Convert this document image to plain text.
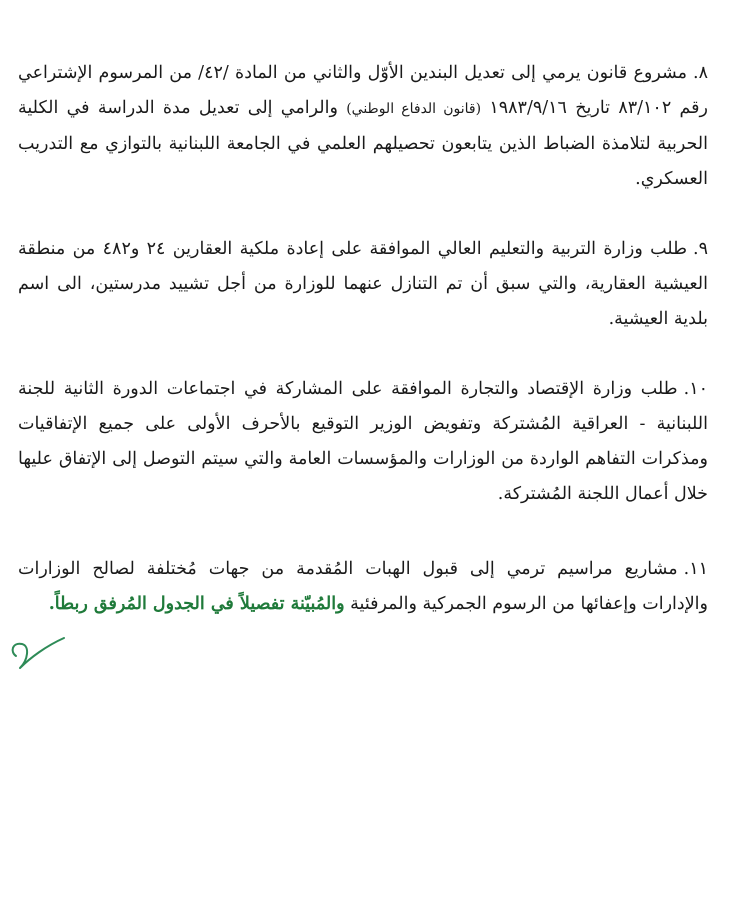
٨.مشروع قانون يرمي إلى تعديل البندين الأوّل والثاني من المادة /٤٢/ من المرسوم الإشتراعي رقم ٨٣/١٠٢ تاريخ ١٩٨٣/٩/١٦ (قانون الدفاع الوطني) والرامي إلى تعديل مدة الدراسة في الكلية الحربية لتلامذة الضباط الذين يتابعون تحصيلهم العلمي في الجامعة اللبنانية بالتوازي مع التدريب العسكري.
٩.طلب وزارة التربية والتعليم العالي الموافقة على إعادة ملكية العقارين ٢٤ و٤٨٢ من منطقة العيشية العقارية، والتي سبق أن تم التنازل عنهما للوزارة من أجل تشييد مدرستين، الى اسم بلدية العيشية.
١٠.طلب وزارة الإقتصاد والتجارة الموافقة على المشاركة في اجتماعات الدورة الثانية للجنة اللبنانية - العراقية المُشتركة وتفويض الوزير التوقيع بالأحرف الأولى على جميع الإتفاقيات ومذكرات التفاهم الواردة من الوزارات والمؤسسات العامة والتي سيتم التوصل إلى الإتفاق عليها خلال أعمال اللجنة المُشتركة.
١١.مشاريع مراسيم ترمي إلى قبول الهبات المُقدمة من جهات مُختلفة لصالح الوزارات والإدارات وإعفائها من الرسوم الجمركية والمرفئية والمُبيّنة تفصيلاً في الجدول المُرفق ربطاً.
